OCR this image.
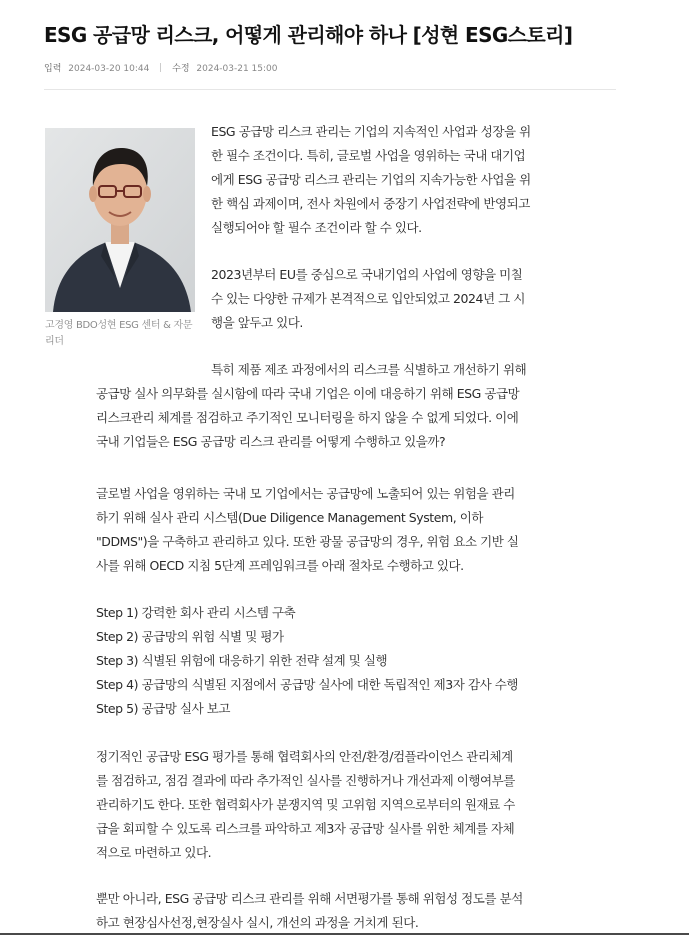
ESG 공급망 리스크, 어떻게 관리해야 하나 [성현 ESG스토리]
입력 2024-03-20 10:44	수정 2024-03-21 15:00
고경영 BDO성현 ESG 센터 & 자문 리더
ESG 공급망 리스크 관리는 기업의 지속적인 사업과 성장을 위
한 필수 조건이다. 특히, 글로벌 사업을 영위하는 국내 대기업
에게 ESG 공급망 리스크 관리는 기업의 지속가능한 사업을 위
한 핵심 과제이며, 전사 차원에서 중장기 사업전략에 반영되고
실행되어야 할 필수 조건이라 할 수 있다.
2023년부터 EU를 중심으로 국내기업의 사업에 영향을 미칠
수 있는 다양한 규제가 본격적으로 입안되었고 2024년 그 시
행을 앞두고 있다.
특히 제품 제조 과정에서의 리스크를 식별하고 개선하기 위해
공급망 실사 의무화를 실시함에 따라 국내 기업은 이에 대응하기 위해 ESG 공급망
리스크관리 체계를 점검하고 주기적인 모니터링을 하지 않을 수 없게 되었다. 이에
국내 기업들은 ESG 공급망 리스크 관리를 어떻게 수행하고 있을까?
글로벌 사업을 영위하는 국내 모 기업에서는 공급망에 노출되어 있는 위험을 관리
하기 위해 실사 관리 시스템(Due Diligence Management System, 이하
"DDMS")을 구축하고 관리하고 있다. 또한 광물 공급망의 경우, 위험 요소 기반 실
사를 위해 OECD 지침 5단계 프레임워크를 아래 절차로 수행하고 있다.
Step 1) 강력한 회사 관리 시스템 구축
Step 2) 공급망의 위험 식별 및 평가
Step 3) 식별된 위험에 대응하기 위한 전략 설계 및 실행
Step 4) 공급망의 식별된 지점에서 공급망 실사에 대한 독립적인 제3자 감사 수행
Step 5) 공급망 실사 보고
정기적인 공급망 ESG 평가를 통해 협력회사의 안전/환경/컴플라이언스 관리체계
를 점검하고, 점검 결과에 따라 추가적인 실사를 진행하거나 개선과제 이행여부를
관리하기도 한다. 또한 협력회사가 분쟁지역 및 고위험 지역으로부터의 원재료 수
급을 회피할 수 있도록 리스크를 파악하고 제3자 공급망 실사를 위한 체계를 자체
적으로 마련하고 있다.
뿐만 아니라, ESG 공급망 리스크 관리를 위해 서면평가를 통해 위험성 정도를 분석
하고 현장심사선정,현장실사 실시, 개선의 과정을 거치게 된다.
